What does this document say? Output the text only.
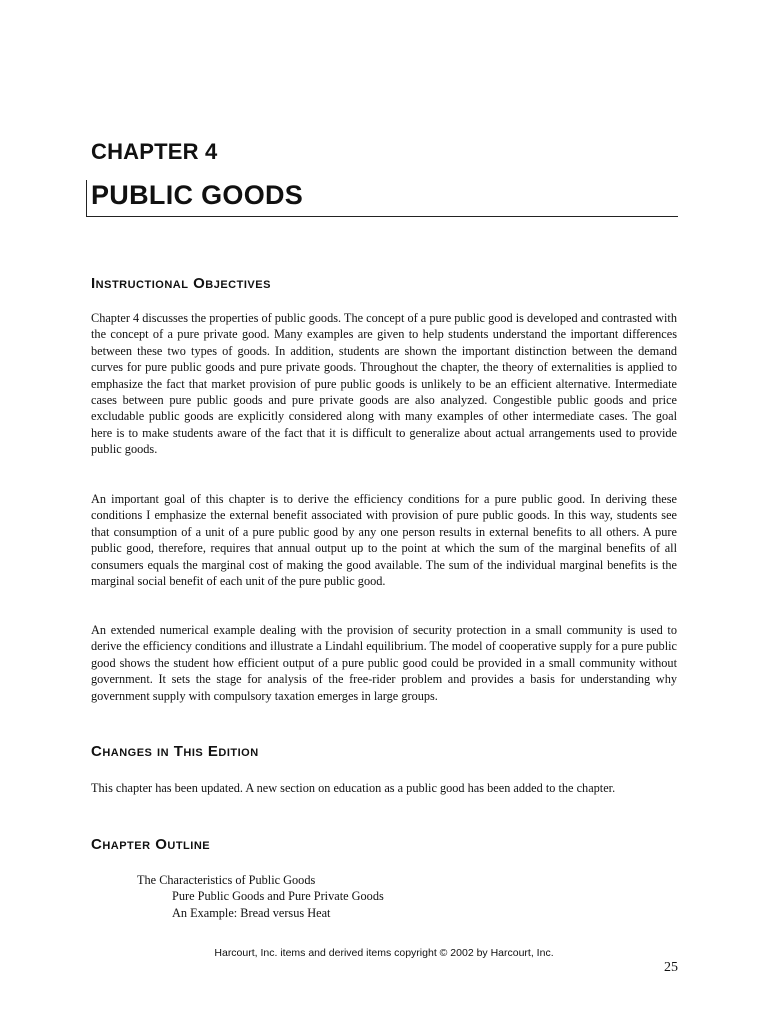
CHAPTER 4
PUBLIC GOODS
Instructional Objectives

Chapter 4 discusses the properties of public goods. The concept of a pure public good is developed and contrasted with the concept of a pure private good. Many examples are given to help students understand the important differences between these two types of goods. In addition, students are shown the important distinction between the demand curves for pure public goods and pure private goods. Throughout the chapter, the theory of externalities is applied to emphasize the fact that market provision of pure public goods is unlikely to be an efficient alternative. Intermediate cases between pure public goods and pure private goods are also analyzed. Congestible public goods and price excludable public goods are explicitly considered along with many examples of other intermediate cases. The goal here is to make students aware of the fact that it is difficult to generalize about actual arrangements used to provide public goods.

An important goal of this chapter is to derive the efficiency conditions for a pure public good. In deriving these conditions I emphasize the external benefit associated with provision of pure public goods. In this way, students see that consumption of a unit of a pure public good by any one person results in external benefits to all others. A pure public good, therefore, requires that annual output up to the point at which the sum of the marginal benefits of all consumers equals the marginal cost of making the good available. The sum of the individual marginal benefits is the marginal social benefit of each unit of the pure public good.

An extended numerical example dealing with the provision of security protection in a small community is used to derive the efficiency conditions and illustrate a Lindahl equilibrium. The model of cooperative supply for a pure public good shows the student how efficient output of a pure public good could be provided in a small community without government. It sets the stage for analysis of the free-rider problem and provides a basis for understanding why government supply with compulsory taxation emerges in large groups.

Changes in This Edition

This chapter has been updated. A new section on education as a public good has been added to the chapter.

Chapter Outline
The Characteristics of Public Goods
Pure Public Goods and Pure Private Goods
An Example: Bread versus Heat

Harcourt, Inc. items and derived items copyright © 2002 by Harcourt, Inc.

25
